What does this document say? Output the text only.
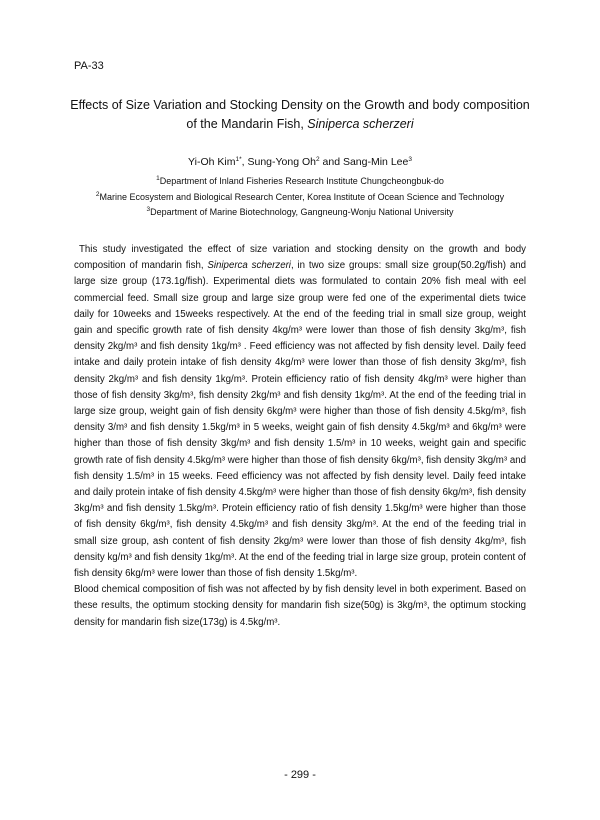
PA-33
Effects of Size Variation and Stocking Density on the Growth and body composition
of the Mandarin Fish, Siniperca scherzeri
Yi-Oh Kim$^{1*}$, Sung-Yong Oh$^2$ and Sang-Min Lee$^3$
$^1$Department of Inland Fisheries Research Institute Chungcheongbuk-do
$^2$Marine Ecosystem and Biological Research Center, Korea Institute of Ocean Science and Technology
$^3$Department of Marine Biotechnology, Gangneung-Wonju National University

This study investigated the effect of size variation and stocking density on the growth and body composition of mandarin fish, Siniperca scherzeri, in two size groups: small size group(50.2g/fish) and large size group (173.1g/fish). Experimental diets was formulated to contain 20% fish meal with eel commercial feed. Small size group and large size group were fed one of the experimental diets twice daily for 10weeks and 15weeks respectively. At the end of the feeding trial in small size group, weight gain and specific growth rate of fish density 4kg/m³ were lower than those of fish density 3kg/m³, fish density 2kg/m³ and fish density 1kg/m³ . Feed efficiency was not affected by fish density level. Daily feed intake and daily protein intake of fish density 4kg/m³ were lower than those of fish density 3kg/m³, fish density 2kg/m³ and fish density 1kg/m³. Protein efficiency ratio of fish density 4kg/m³ were higher than those of fish density 3kg/m³, fish density 2kg/m³ and fish density 1kg/m³. At the end of the feeding trial in large size group, weight gain of fish density 6kg/m³ were higher than those of fish density 4.5kg/m³, fish density 3/m³ and fish density 1.5kg/m³ in 5 weeks, weight gain of fish density 4.5kg/m³ and 6kg/m³ were higher than those of fish density 3kg/m³ and fish density 1.5/m³ in 10 weeks, weight gain and specific growth rate of fish density 4.5kg/m³ were higher than those of fish density 6kg/m³, fish density 3kg/m³ and fish density 1.5/m³ in 15 weeks. Feed efficiency was not affected by fish density level. Daily feed intake and daily protein intake of fish density 4.5kg/m³ were higher than those of fish density 6kg/m³, fish density 3kg/m³ and fish density 1.5kg/m³. Protein efficiency ratio of fish density 1.5kg/m³ were higher than those of fish density 6kg/m³, fish density 4.5kg/m³ and fish density 3kg/m³. At the end of the feeding trial in small size group, ash content of fish density 2kg/m³ were lower than those of fish density 4kg/m³, fish density kg/m³ and fish density 1kg/m³. At the end of the feeding trial in large size group, protein content of fish density 6kg/m³ were lower than those of fish density 1.5kg/m³.

Blood chemical composition of fish was not affected by by fish density level in both experiment. Based on these results, the optimum stocking density for mandarin fish size(50g) is 3kg/m³, the optimum stocking density for mandarin fish size(173g) is 4.5kg/m³.

- 299 -
